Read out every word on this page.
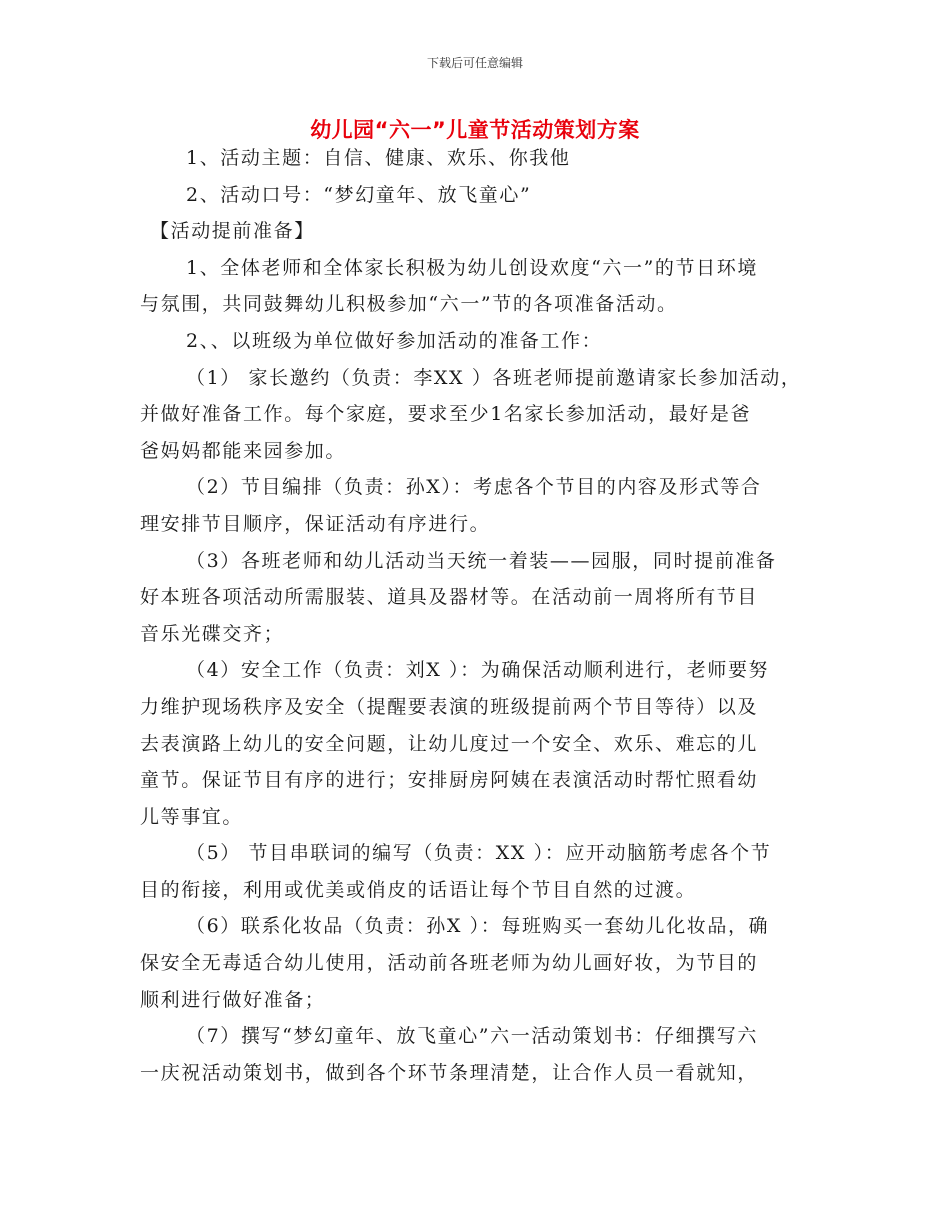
下载后可任意编辑
幼儿园“六一”儿童节活动策划方案
1、活动主题：自信、健康、欢乐、你我他
2、活动口号：“梦幻童年、放飞童心”
【活动提前准备】
1、全体老师和全体家长积极为幼儿创设欢度“六一”的节日环境
与氛围，共同鼓舞幼儿积极参加“六一”节的各项准备活动。
2、、以班级为单位做好参加活动的准备工作：
（1） 家长邀约（负责：李XX ）各班老师提前邀请家长参加活动，
并做好准备工作。每个家庭，要求至少1名家长参加活动，最好是爸
爸妈妈都能来园参加。
（2）节目编排（负责：孙X）：考虑各个节目的内容及形式等合
理安排节目顺序，保证活动有序进行。
（3）各班老师和幼儿活动当天统一着装——园服，同时提前准备
好本班各项活动所需服装、道具及器材等。在活动前一周将所有节目
音乐光碟交齐；
（4）安全工作（负责：刘X ）：为确保活动顺利进行，老师要努
力维护现场秩序及安全（提醒要表演的班级提前两个节目等待）以及
去表演路上幼儿的安全问题，让幼儿度过一个安全、欢乐、难忘的儿
童节。保证节目有序的进行；安排厨房阿姨在表演活动时帮忙照看幼
儿等事宜。
（5） 节目串联词的编写（负责：XX ）：应开动脑筋考虑各个节
目的衔接，利用或优美或俏皮的话语让每个节目自然的过渡。
（6）联系化妆品（负责：孙X ）：每班购买一套幼儿化妆品，确
保安全无毒适合幼儿使用，活动前各班老师为幼儿画好妆，为节目的
顺利进行做好准备；
（7）撰写“梦幻童年、放飞童心”六一活动策划书：仔细撰写六
一庆祝活动策划书，做到各个环节条理清楚，让合作人员一看就知，
